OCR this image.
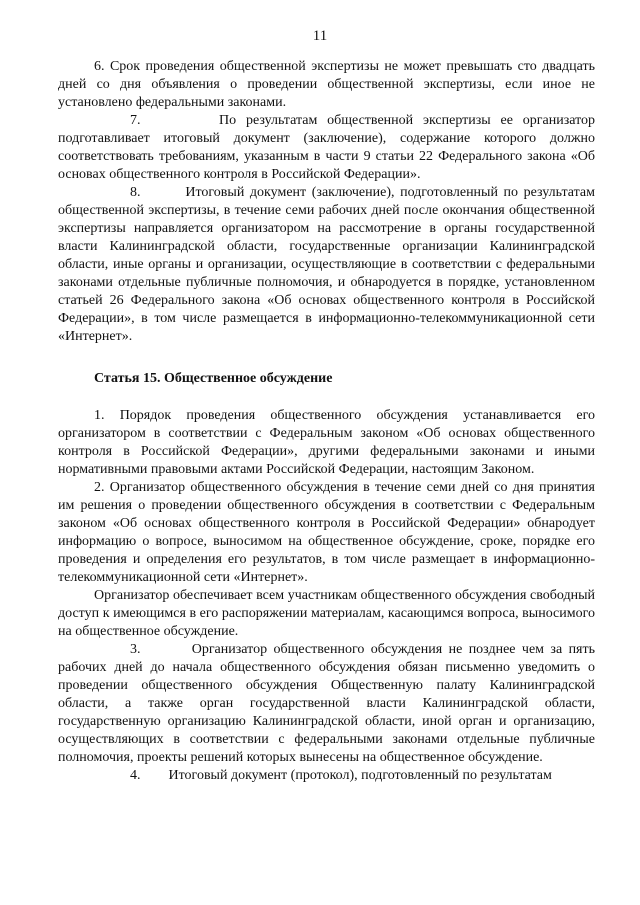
11

6. Срок проведения общественной экспертизы не может превышать сто двадцать дней со дня объявления о проведении общественной экспертизы, если иное не установлено федеральными законами.

7.	По результатам общественной экспертизы ее организатор подготавливает итоговый документ (заключение), содержание которого должно соответствовать требованиям, указанным в части 9 статьи 22 Федерального закона «Об основах общественного контроля в Российской Федерации».

8.	Итоговый документ (заключение), подготовленный по результатам общественной экспертизы, в течение семи рабочих дней после окончания общественной экспертизы направляется организатором на рассмотрение в органы государственной власти Калининградской области, государственные организации Калининградской области, иные органы и организации, осуществляющие в соответствии с федеральными законами отдельные публичные полномочия, и обнародуется в порядке, установленном статьей 26 Федерального закона «Об основах общественного контроля в Российской Федерации», в том числе размещается в информационно-телекоммуникационной сети «Интернет».

Статья 15. Общественное обсуждение

1. Порядок проведения общественного обсуждения устанавливается его организатором в соответствии с Федеральным законом «Об основах общественного контроля в Российской Федерации», другими федеральными законами и иными нормативными правовыми актами Российской Федерации, настоящим Законом.

2. Организатор общественного обсуждения в течение семи дней со дня принятия им решения о проведении общественного обсуждения в соответствии с Федеральным законом «Об основах общественного контроля в Российской Федерации» обнародует информацию о вопросе, выносимом на общественное обсуждение, сроке, порядке его проведения и определения его результатов, в том числе размещает в информационно-телекоммуникационной сети «Интернет».

Организатор обеспечивает всем участникам общественного обсуждения свободный доступ к имеющимся в его распоряжении материалам, касающимся вопроса, выносимого на общественное обсуждение.

3.	Организатор общественного обсуждения не позднее чем за пять рабочих дней до начала общественного обсуждения обязан письменно уведомить о проведении общественного обсуждения Общественную палату Калининградской области, а также орган государственной власти Калининградской области, государственную организацию Калининградской области, иной орган и организацию, осуществляющих в соответствии с федеральными законами отдельные публичные полномочия, проекты решений которых вынесены на общественное обсуждение.

4. Итоговый документ (протокол), подготовленный по результатам
